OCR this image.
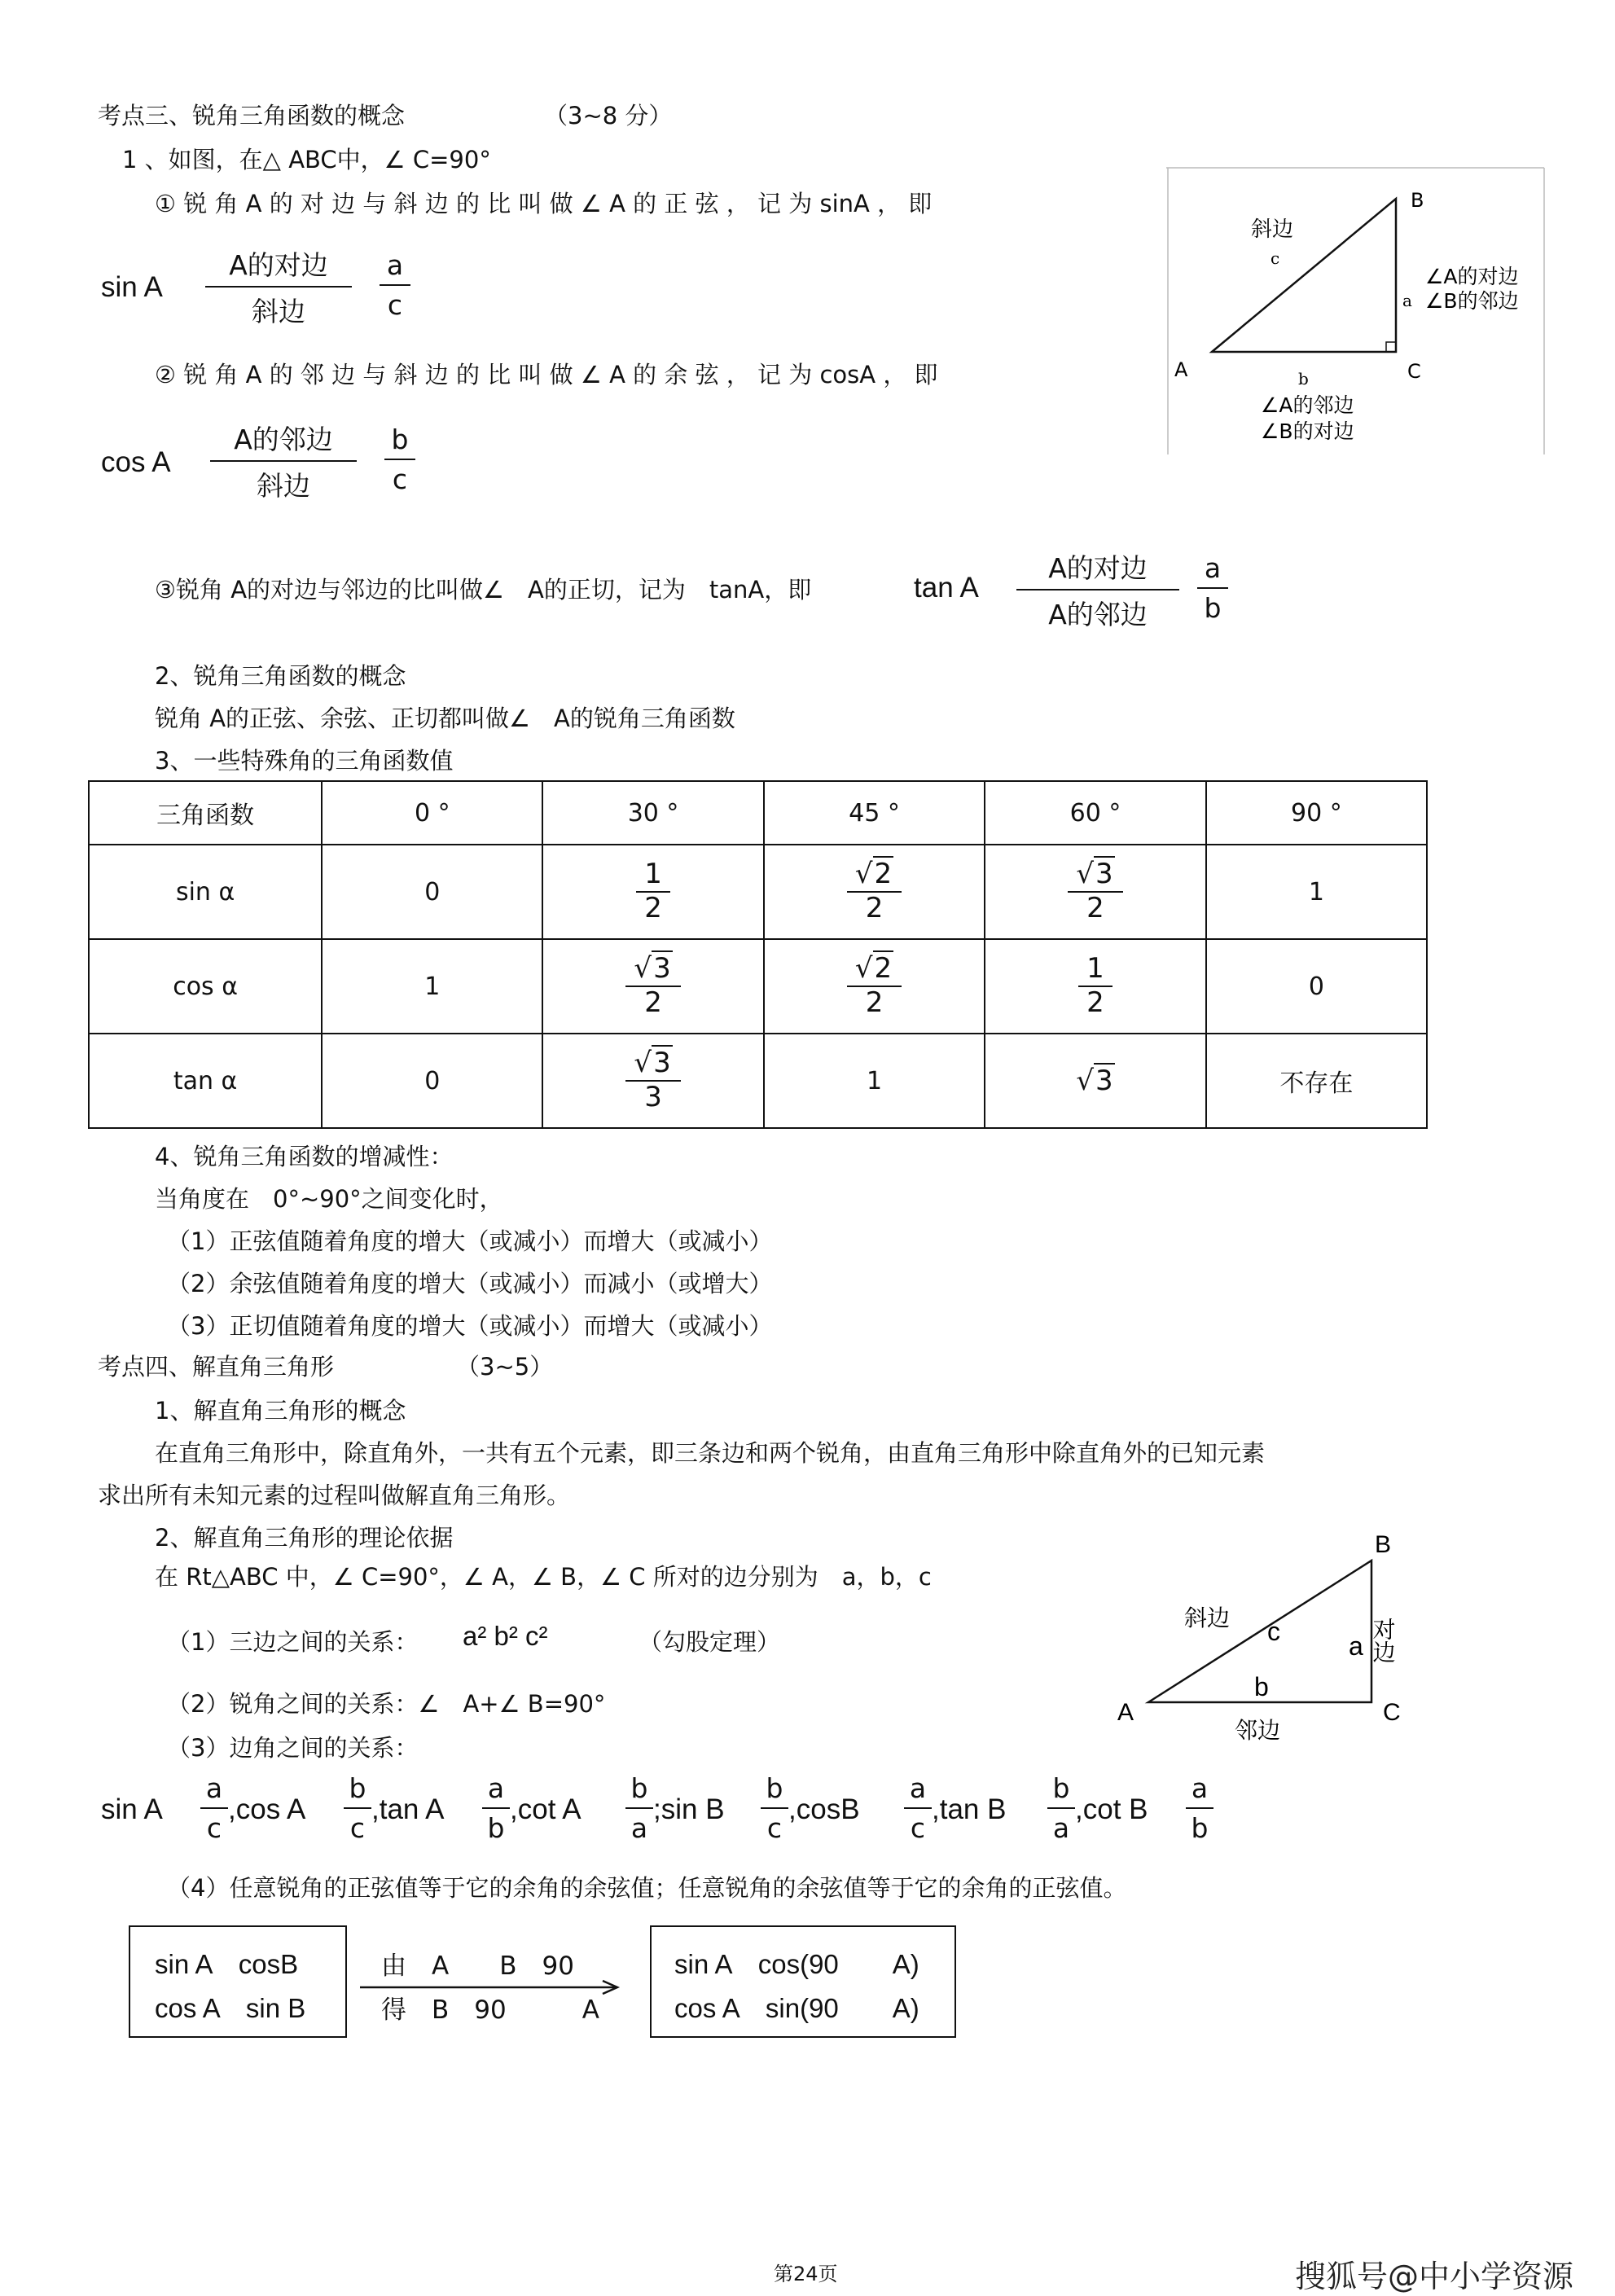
考点三、锐角三角函数的概念	（3~8 分）
1 、如图，在△ ABC中，∠ C=90°
① 锐 角 A 的 对 边 与 斜 边 的 比 叫 做 ∠ A 的 正 弦 ， 记 为 sinA ， 即
sin A
A的对边
斜边	$\frac{a}{c}$
② 锐 角 A 的 邻 边 与 斜 边 的 比 叫 做 ∠ A 的 余 弦 ， 记 为 cosA ， 即
cos A
A的邻边
斜边	$\frac{b}{c}$
③锐角 A的对边与邻边的比叫做∠　A的正切，记为　tanA，即	tan A
A的对边
A的邻边	$\frac{a}{b}$
B
A	C
斜边
c
a
b
∠A的对边
∠B的邻边
∠A的邻边
∠B的对边
2、锐角三角函数的概念
锐角 A的正弦、余弦、正切都叫做∠　A的锐角三角函数
3、一些特殊角的三角函数值
三角函数	0 °	30 °	45 °	60 °	90 °
sin α	0	$\frac{1}{2}$	$\frac{√2}{2}$	$\frac{√3}{2}$	1
cos α	1	$\frac{√3}{2}$	$\frac{√2}{2}$	$\frac{1}{2}$	0
tan α	0	$\frac{√3}{3}$	1	√3	不存在
4、锐角三角函数的增减性：
当角度在　0°~90°之间变化时，
（1）正弦值随着角度的增大（或减小）而增大（或减小）
（2）余弦值随着角度的增大（或减小）而减小（或增大）
（3）正切值随着角度的增大（或减小）而增大（或减小）
考点四、解直角三角形	（3~5）
1、解直角三角形的概念
在直角三角形中，除直角外，一共有五个元素，即三条边和两个锐角，由直角三角形中除直角外的已知元素
求出所有未知元素的过程叫做解直角三角形。
2、解直角三角形的理论依据
在 Rt△ABC 中，∠ C=90°，∠ A，∠ B，∠ C 所对的边分别为　a，b，c
（1）三边之间的关系： a² b² c²	（勾股定理）
（2）锐角之间的关系：∠　A+∠ B=90°
（3）边角之间的关系：
sin A $\frac{a}{c} ,\cos$ A $\frac{b}{c} ,\tan$ A $\frac{a}{b} ,\cot$ A $\frac{b}{a}$ ;sin B $\frac{b}{c} ,\cos B \frac{a}{c} ,\tan$ B $\frac{b}{a} ,\cot$ B $\frac{a}{b}$
（4）任意锐角的正弦值等于它的余角的余弦值；任意锐角的余弦值等于它的余角的正弦值。
sin A　cosB
cos A　sin B
由　A　　B　90
得　B　90　　　A
sin A　cos(90　　A)
cos A　sin(90　　A)
B
A	C
斜边 c	a
b
对边
邻边
第24页	搜狐号@中小学资源
